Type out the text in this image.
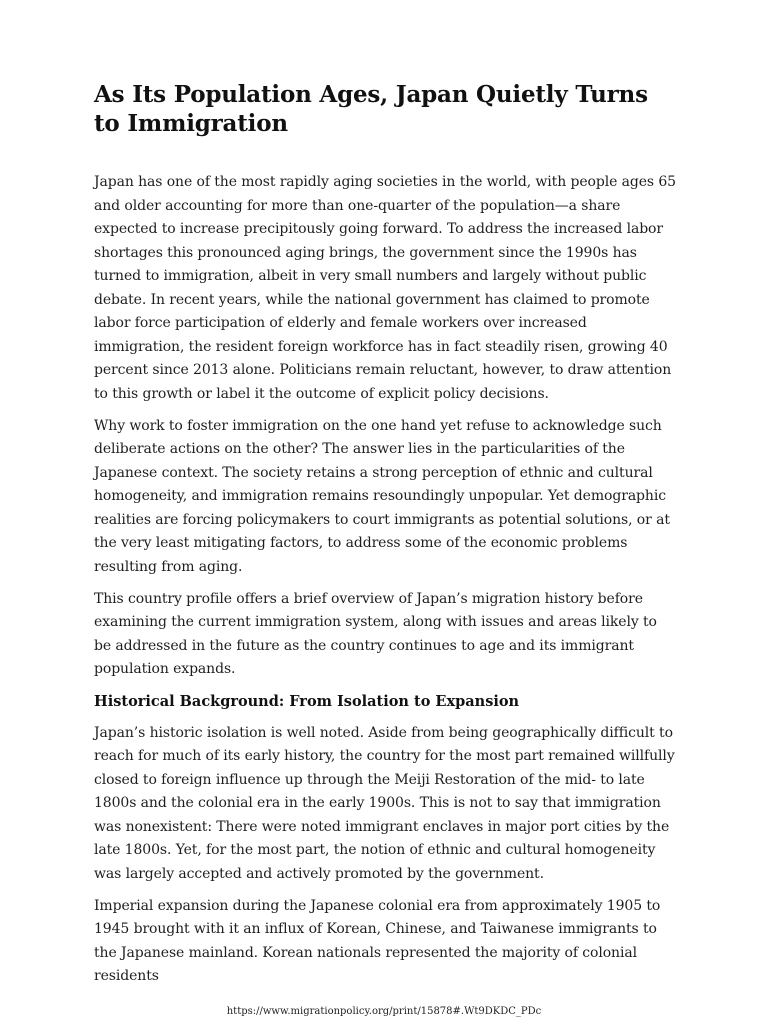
As Its Population Ages, Japan Quietly Turns to Immigration

Japan has one of the most rapidly aging societies in the world, with people ages 65 and older accounting for more than one-quarter of the population—a share expected to increase precipitously going forward. To address the increased labor shortages this pronounced aging brings, the government since the 1990s has turned to immigration, albeit in very small numbers and largely without public debate. In recent years, while the national government has claimed to promote labor force participation of elderly and female workers over increased immigration, the resident foreign workforce has in fact steadily risen, growing 40 percent since 2013 alone. Politicians remain reluctant, however, to draw attention to this growth or label it the outcome of explicit policy decisions.

Why work to foster immigration on the one hand yet refuse to acknowledge such deliberate actions on the other? The answer lies in the particularities of the Japanese context. The society retains a strong perception of ethnic and cultural homogeneity, and immigration remains resoundingly unpopular. Yet demographic realities are forcing policymakers to court immigrants as potential solutions, or at the very least mitigating factors, to address some of the economic problems resulting from aging.

This country profile offers a brief overview of Japan’s migration history before examining the current immigration system, along with issues and areas likely to be addressed in the future as the country continues to age and its immigrant population expands.

Historical Background: From Isolation to Expansion

Japan’s historic isolation is well noted. Aside from being geographically difficult to reach for much of its early history, the country for the most part remained willfully closed to foreign influence up through the Meiji Restoration of the mid- to late 1800s and the colonial era in the early 1900s. This is not to say that immigration was nonexistent: There were noted immigrant enclaves in major port cities by the late 1800s. Yet, for the most part, the notion of ethnic and cultural homogeneity was largely accepted and actively promoted by the government.

Imperial expansion during the Japanese colonial era from approximately 1905 to 1945 brought with it an influx of Korean, Chinese, and Taiwanese immigrants to the Japanese mainland. Korean nationals represented the majority of colonial residents

https://www.migrationpolicy.org/print/15878#.Wt9DKDC_PDc
